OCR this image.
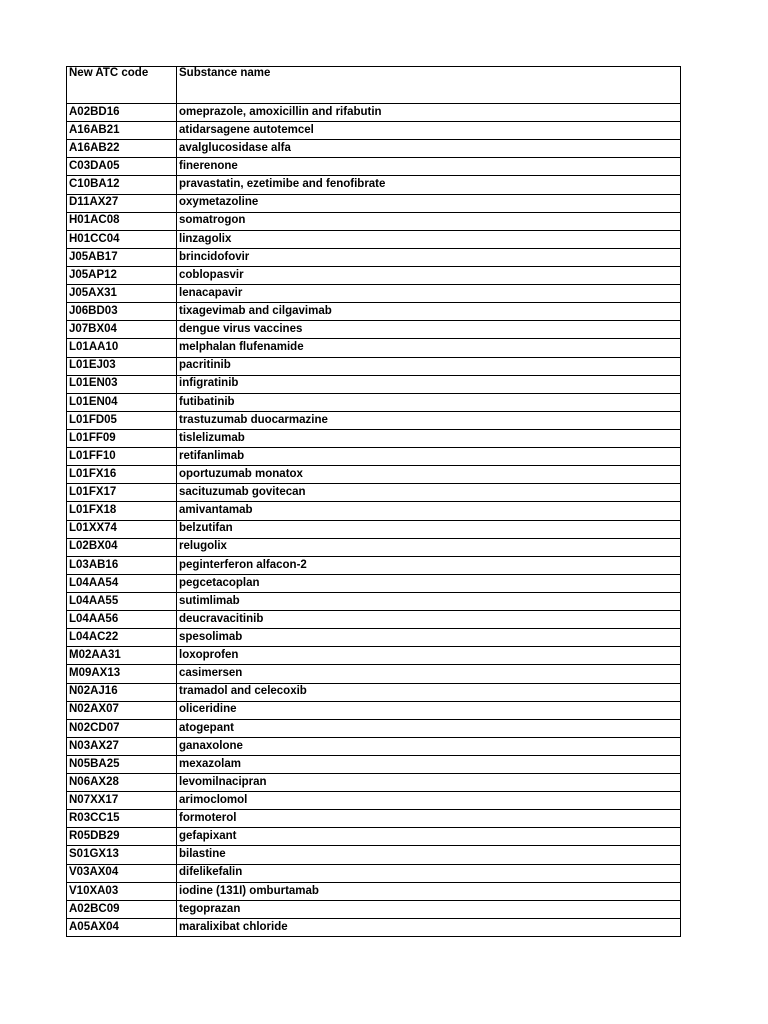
New ATC code	Substance name
A02BD16	omeprazole, amoxicillin and rifabutin
A16AB21	atidarsagene autotemcel
A16AB22	avalglucosidase alfa
C03DA05	finerenone
C10BA12	pravastatin, ezetimibe and fenofibrate
D11AX27	oxymetazoline
H01AC08	somatrogon
H01CC04	linzagolix
J05AB17	brincidofovir
J05AP12	coblopasvir
J05AX31	lenacapavir
J06BD03	tixagevimab and cilgavimab
J07BX04	dengue virus vaccines
L01AA10	melphalan flufenamide
L01EJ03	pacritinib
L01EN03	infigratinib
L01EN04	futibatinib
L01FD05	trastuzumab duocarmazine
L01FF09	tislelizumab
L01FF10	retifanlimab
L01FX16	oportuzumab monatox
L01FX17	sacituzumab govitecan
L01FX18	amivantamab
L01XX74	belzutifan
L02BX04	relugolix
L03AB16	peginterferon alfacon-2
L04AA54	pegcetacoplan
L04AA55	sutimlimab
L04AA56	deucravacitinib
L04AC22	spesolimab
M02AA31	loxoprofen
M09AX13	casimersen
N02AJ16	tramadol and celecoxib
N02AX07	oliceridine
N02CD07	atogepant
N03AX27	ganaxolone
N05BA25	mexazolam
N06AX28	levomilnacipran
N07XX17	arimoclomol
R03CC15	formoterol
R05DB29	gefapixant
S01GX13	bilastine
V03AX04	difelikefalin
V10XA03	iodine (131I) omburtamab
A02BC09	tegoprazan
A05AX04	maralixibat chloride
